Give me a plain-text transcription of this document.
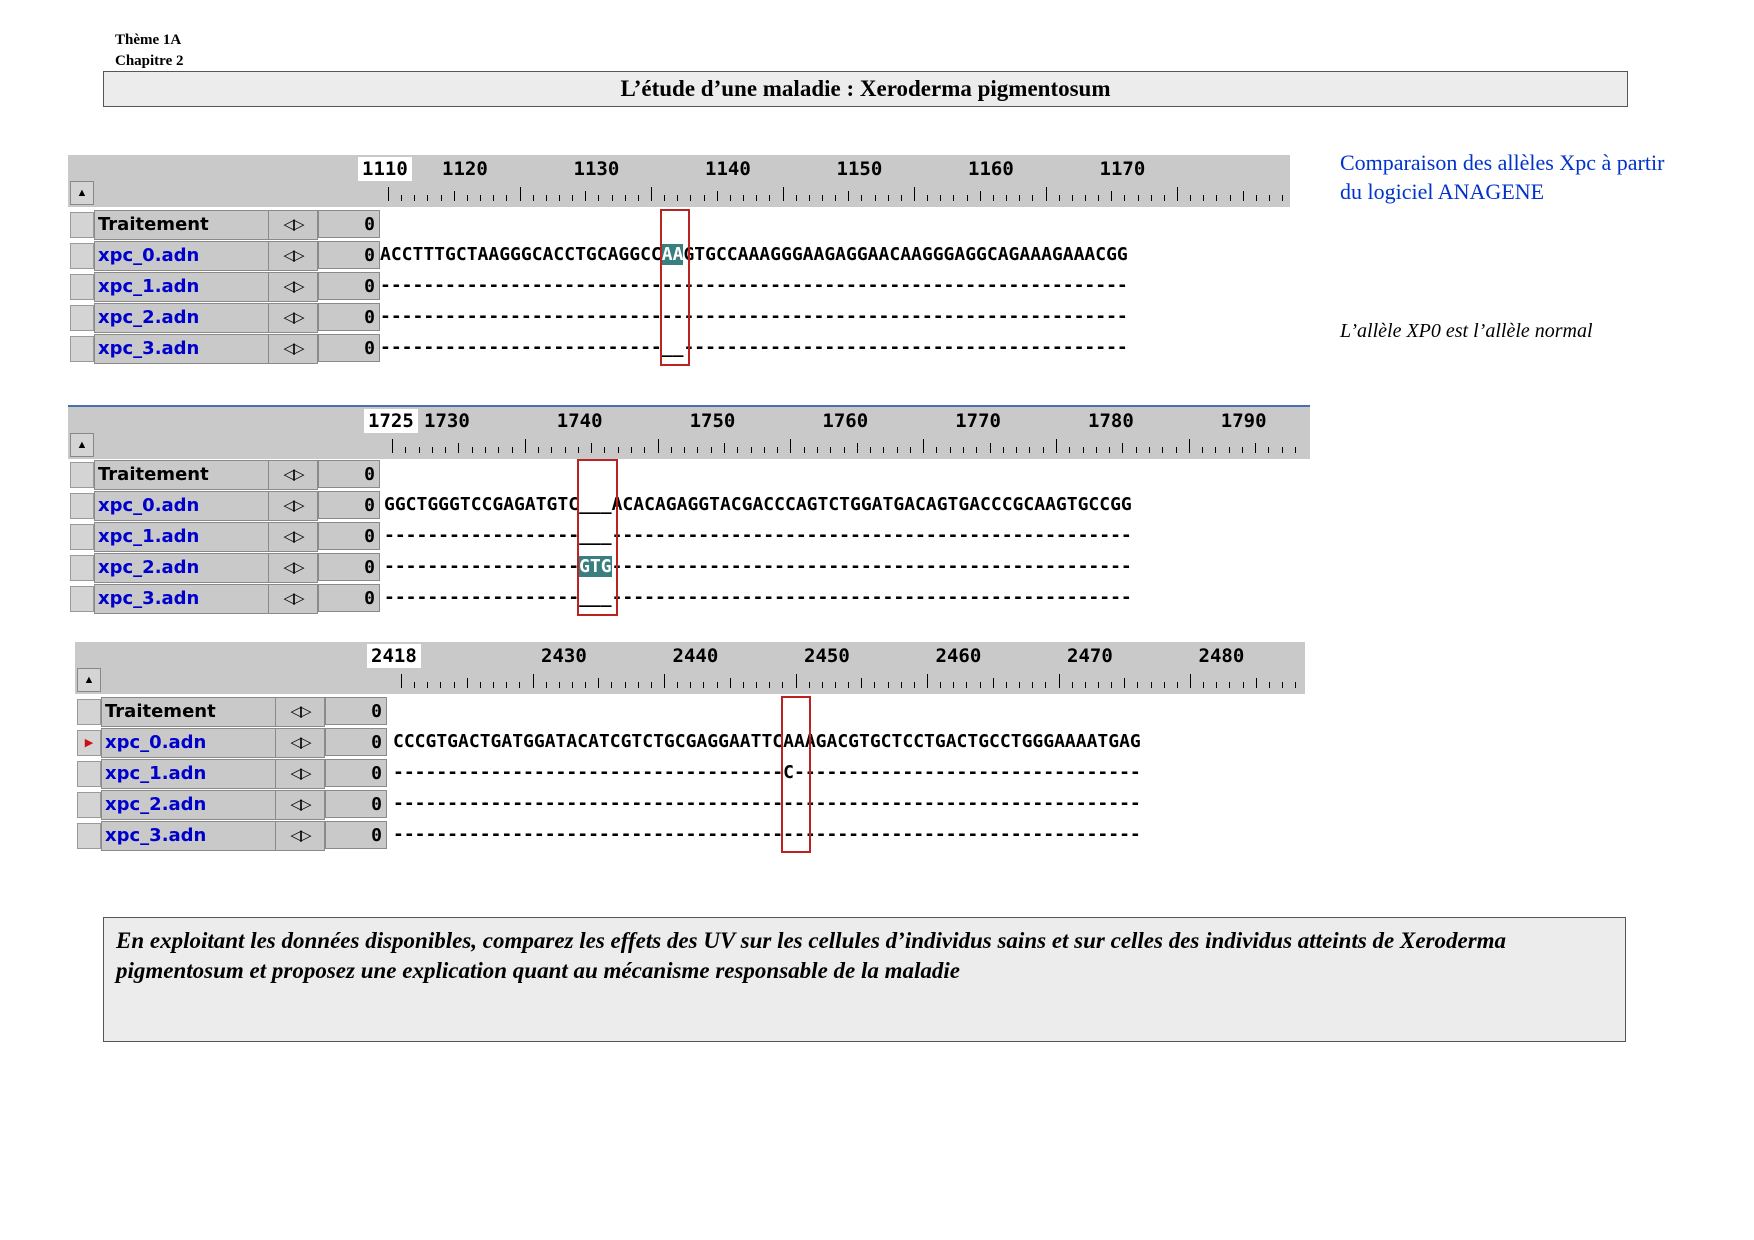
Thème 1A
Chapitre 2
L’étude d’une maladie : Xeroderma pigmentosum
Comparaison des allèles Xpc à partir du logiciel ANAGENE
L’allèle XP0 est l’allèle normal
▲
1110 1120	1130	1140	1150	1160	1170
Traitement	◁▷	0
xpc_0.adn	◁▷	0 ACCTTTGCTAAGGGCACCTGCAGGCCAAGTGCCAAAGGGAAGAGGAACAAGGGAGGCAGAAAGAAACGG
xpc_1.adn	◁▷	0 ---------------------------------------------------------------------
xpc_2.adn	◁▷	0 ---------------------------------------------------------------------
xpc_3.adn	◁▷	0 --------------------------__-----------------------------------------
▲
1725 1730	1740	1750	1760	1770	1780	1790
Traitement	◁▷	0
xpc_0.adn	◁▷	0 GGCTGGGTCCGAGATGTC___ACACAGAGGTACGACCCAGTCTGGATGACAGTGACCCGCAAGTGCCGG
xpc_1.adn	◁▷	0 ------------------___------------------------------------------------
xpc_2.adn	◁▷	0 ------------------GTG------------------------------------------------
xpc_3.adn	◁▷	0 ------------------___------------------------------------------------
▲
2418	2430	2440	2450	2460	2470	2480
Traitement	◁▷	0
▶ xpc_0.adn	◁▷	0 CCCGTGACTGATGGATACATCGTCTGCGAGGAATTCAAAGACGTGCTCCTGACTGCCTGGGAAAATGAG
xpc_1.adn	◁▷	0 ------------------------------------C--------------------------------
xpc_2.adn	◁▷	0 ---------------------------------------------------------------------
xpc_3.adn	◁▷	0 ---------------------------------------------------------------------
En exploitant les données disponibles, comparez les effets des UV sur les cellules d’individus sains et sur celles des individus atteints de Xeroderma pigmentosum et proposez une explication quant au mécanisme responsable de la maladie
